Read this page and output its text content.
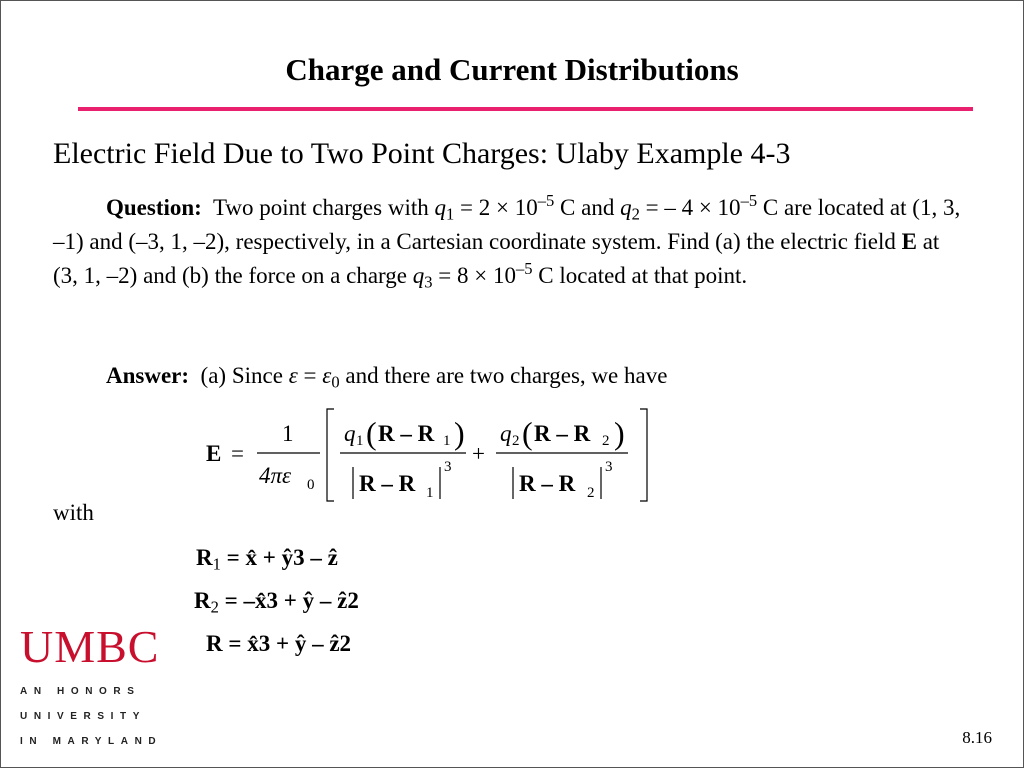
Charge and Current Distributions
Electric Field Due to Two Point Charges: Ulaby Example 4-3
Question: Two point charges with $q_1 = 2 \times 10^{-5}$ C and $q_2$ = – $4 \times 10^{-5}$ C are located at (1, 3, –1) and (–3, 1, –2), respectively, in a Cartesian coordinate system. Find (a) the electric field E at (3, 1, –2) and (b) the force on a charge $q_3 = 8 \times 10^{-5}$ C located at that point.
Answer: (a) Since $\varepsilon = \varepsilon_0$ and there are two charges, we have
E =
1
4πε 0
q 1 ( R – R 1 )
R – R 1
3
+
q 2 ( R – R 2 )
R – R 2
3
with
$R_1$ = x̂ + ŷ3 – ẑ
$R_2$ = –x̂3 + ŷ – ẑ2
R = x̂3 + ŷ – ẑ2
UMBC
AN HONORS
UNIVERSITY
IN MARYLAND	8.16
